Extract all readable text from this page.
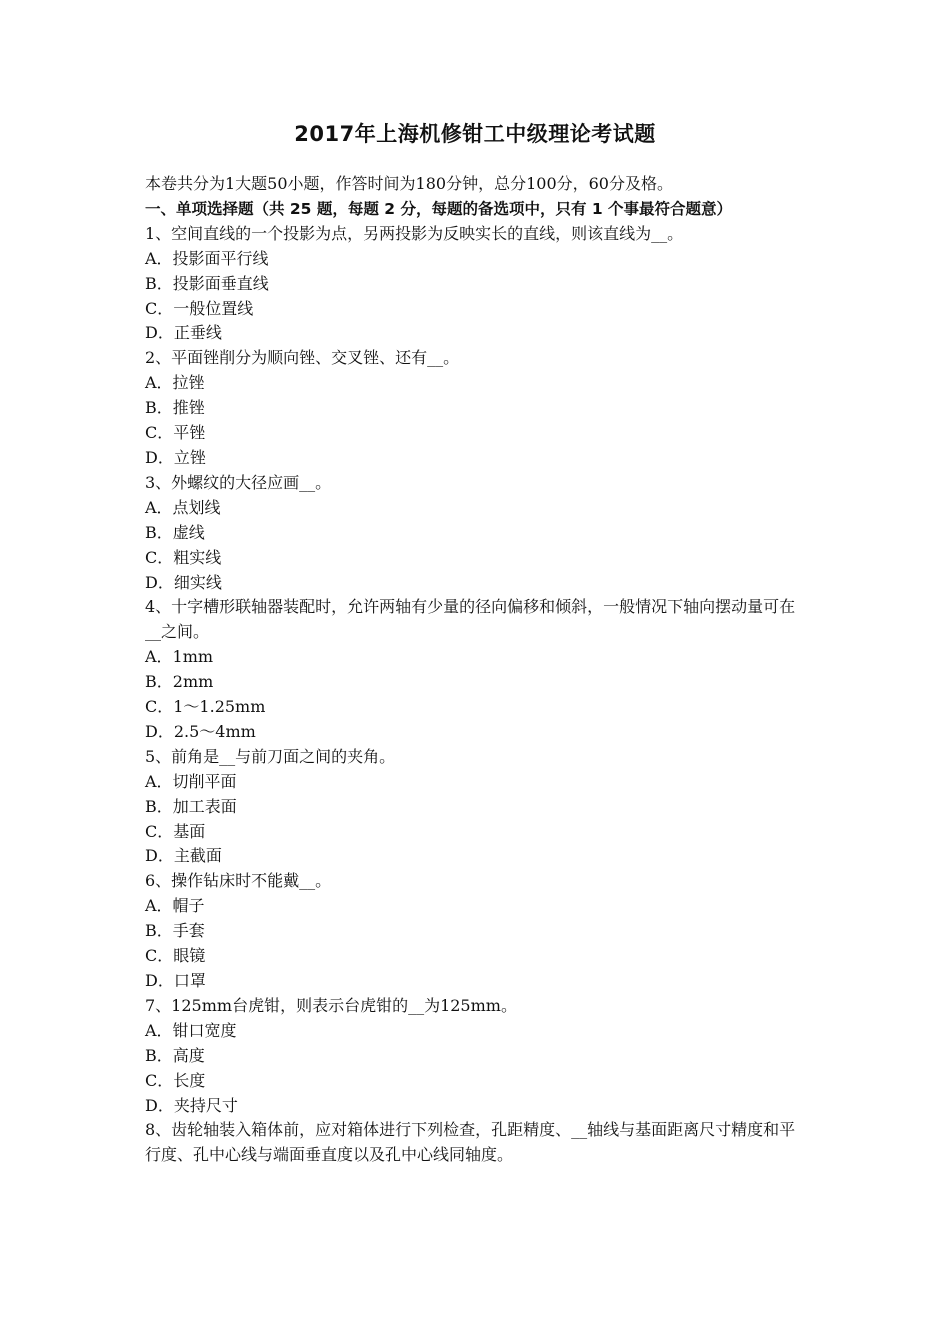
2017年上海机修钳工中级理论考试题
本卷共分为1大题50小题，作答时间为180分钟，总分100分，60分及格。
一、单项选择题（共 25 题，每题 2 分，每题的备选项中，只有 1 个事最符合题意）
1、空间直线的一个投影为点，另两投影为反映实长的直线，则该直线为__。
A．投影面平行线
B．投影面垂直线
C．一般位置线
D．正垂线
2、平面锉削分为顺向锉、交叉锉、还有__。
A．拉锉
B．推锉
C．平锉
D．立锉
3、外螺纹的大径应画__。
A．点划线
B．虚线
C．粗实线
D．细实线
4、十字槽形联轴器装配时，允许两轴有少量的径向偏移和倾斜，一般情况下轴向摆动量可在__之间。
A．1mm
B．2mm
C．1～1.25mm
D．2.5～4mm
5、前角是__与前刀面之间的夹角。
A．切削平面
B．加工表面
C．基面
D．主截面
6、操作钻床时不能戴__。
A．帽子
B．手套
C．眼镜
D．口罩
7、125mm台虎钳，则表示台虎钳的__为125mm。
A．钳口宽度
B．高度
C．长度
D．夹持尺寸
8、齿轮轴装入箱体前，应对箱体进行下列检查，孔距精度、__轴线与基面距离尺寸精度和平行度、孔中心线与端面垂直度以及孔中心线同轴度。
